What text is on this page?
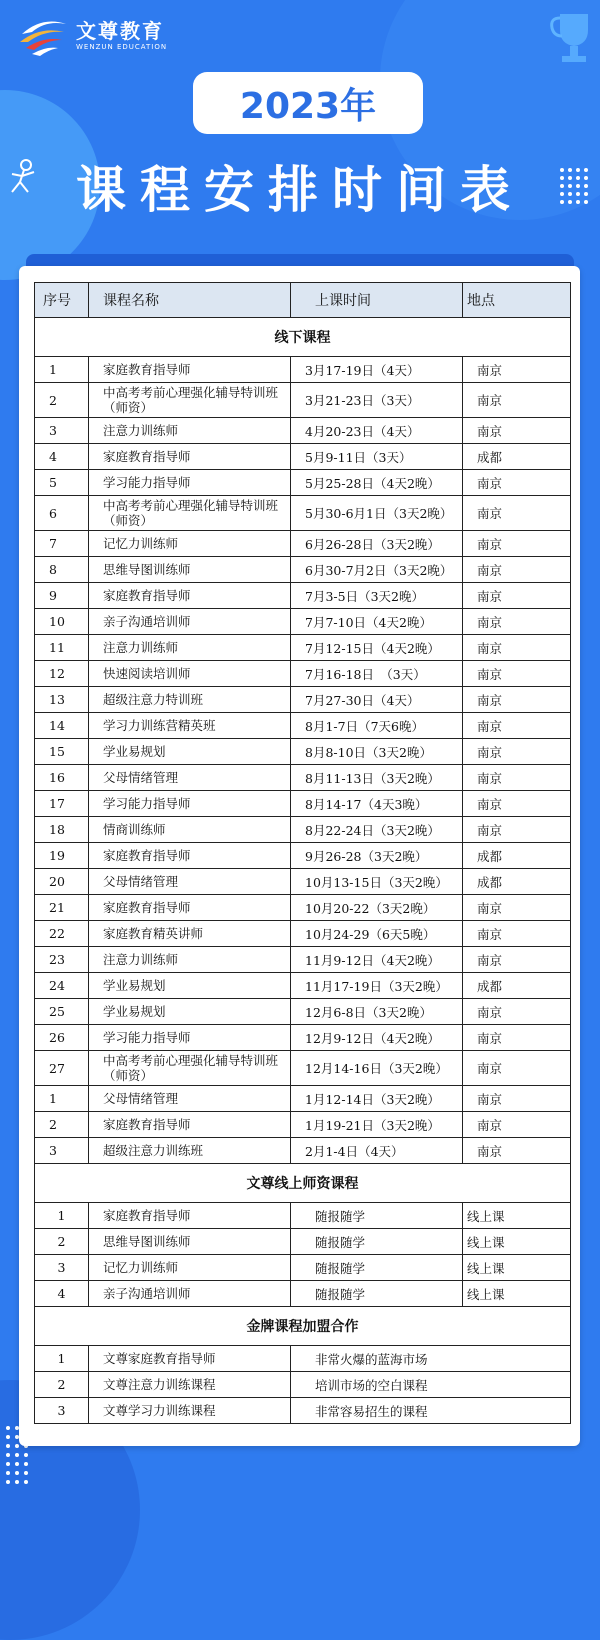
文尊教育
WENZUN EDUCATION
2023年
课程安排时间表
序号	课程名称	上课时间	地点
线下课程			
1	家庭教育指导师	3月17-19日（4天）	南京
2	中高考考前心理强化辅导特训班（师资）	3月21-23日（3天）	南京
3	注意力训练师	4月20-23日（4天）	南京
4	家庭教育指导师	5月9-11日（3天）	成都
5	学习能力指导师	5月25-28日（4天2晚）	南京
6	中高考考前心理强化辅导特训班（师资）	5月30-6月1日（3天2晚）	南京
7	记忆力训练师	6月26-28日（3天2晚）	南京
8	思维导图训练师	6月30-7月2日（3天2晚）	南京
9	家庭教育指导师	7月3-5日（3天2晚）	南京
10	亲子沟通培训师	7月7-10日（4天2晚）	南京
11	注意力训练师	7月12-15日（4天2晚）	南京
12	快速阅读培训师	7月16-18日　（3天）	南京
13	超级注意力特训班	7月27-30日（4天）	南京
14	学习力训练营精英班	8月1-7日（7天6晚）	南京
15	学业易规划	8月8-10日（3天2晚）	南京
16	父母情绪管理	8月11-13日（3天2晚）	南京
17	学习能力指导师	8月14-17（4天3晚）	南京
18	情商训练师	8月22-24日（3天2晚）	南京
19	家庭教育指导师	9月26-28（3天2晚）	成都
20	父母情绪管理	10月13-15日（3天2晚）	成都
21	家庭教育指导师	10月20-22（3天2晚）	南京
22	家庭教育精英讲师	10月24-29（6天5晚）	南京
23	注意力训练师	11月9-12日（4天2晚）	南京
24	学业易规划	11月17-19日（3天2晚）	成都
25	学业易规划	12月6-8日（3天2晚）	南京
26	学习能力指导师	12月9-12日（4天2晚）	南京
27	中高考考前心理强化辅导特训班（师资）	12月14-16日（3天2晚）	南京
1	父母情绪管理	1月12-14日（3天2晚）	南京
2	家庭教育指导师	1月19-21日（3天2晚）	南京
3	超级注意力训练班	2月1-4日（4天）	南京
文尊线上师资课程			
1	家庭教育指导师	随报随学	线上课
2	思维导图训练师	随报随学	线上课
3	记忆力训练师	随报随学	线上课
4	亲子沟通培训师	随报随学	线上课
金牌课程加盟合作			
1	文尊家庭教育指导师	非常火爆的蓝海市场	
2	文尊注意力训练课程	培训市场的空白课程	
3	文尊学习力训练课程	非常容易招生的课程	
